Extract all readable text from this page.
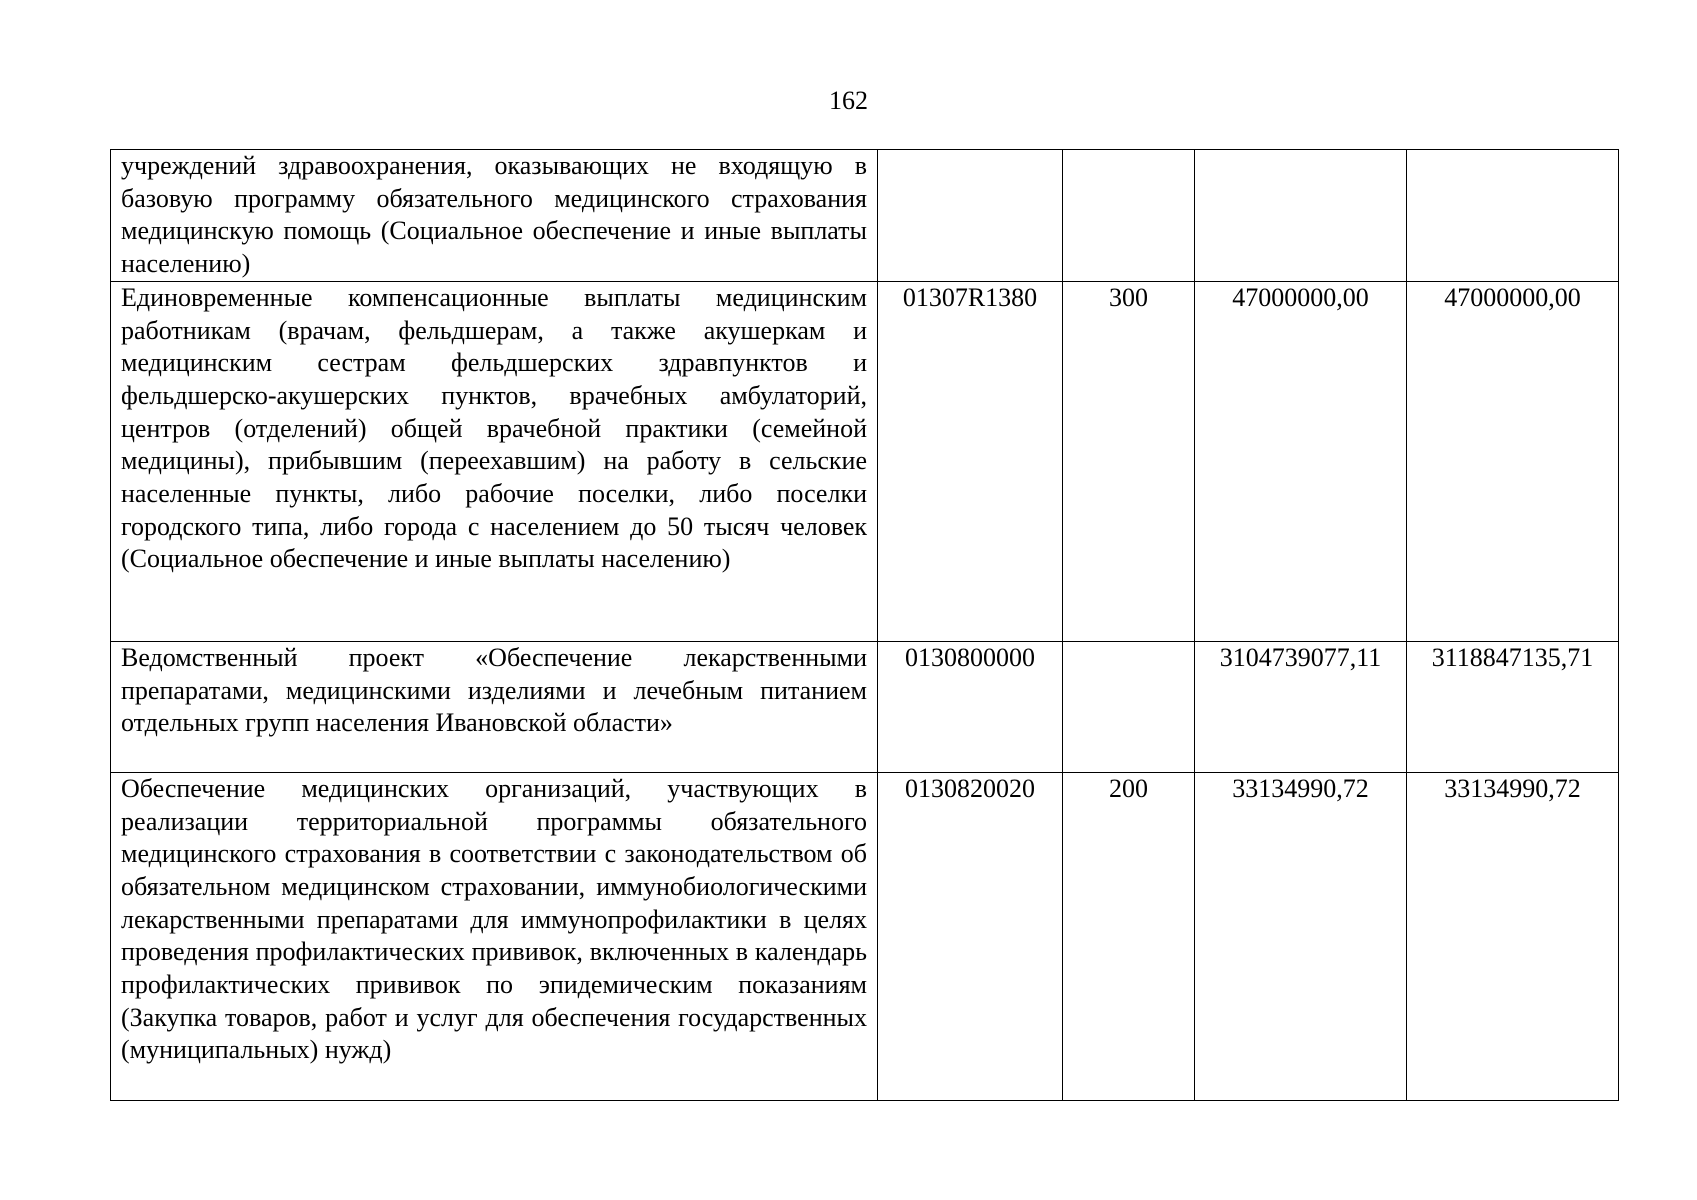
162
учреждений здравоохранения, оказывающих не входящую в базовую программу обязательного медицинского страхования медицинскую помощь (Социальное обеспечение и иные выплаты населению)				

Единовременные компенсационные выплаты медицинским работникам (врачам, фельдшерам, а также акушеркам и медицинским сестрам фельдшерских здравпунктов и фельдшерско-акушерских пунктов, врачебных амбулаторий, центров (отделений) общей врачебной практики (семейной медицины), прибывшим (переехавшим) на работу в сельские населенные пункты, либо рабочие поселки, либо поселки городского типа, либо города с населением до 50 тысяч человек (Социальное обеспечение и иные выплаты населению)	01307R1380	300	47000000,00	47000000,00

Ведомственный проект «Обеспечение лекарственными препаратами, медицинскими изделиями и лечебным питанием отдельных групп населения Ивановской области»	0130800000		3104739077,11	3118847135,71

Обеспечение медицинских организаций, участвующих в реализации территориальной программы обязательного медицинского страхования в соответствии с законодательством об обязательном медицинском страховании, иммунобиологическими лекарственными препаратами для иммунопрофилактики в целях проведения профилактических прививок, включенных в календарь профилактических прививок по эпидемическим показаниям (Закупка товаров, работ и услуг для обеспечения государственных (муниципальных) нужд)	0130820020	200	33134990,72	33134990,72
